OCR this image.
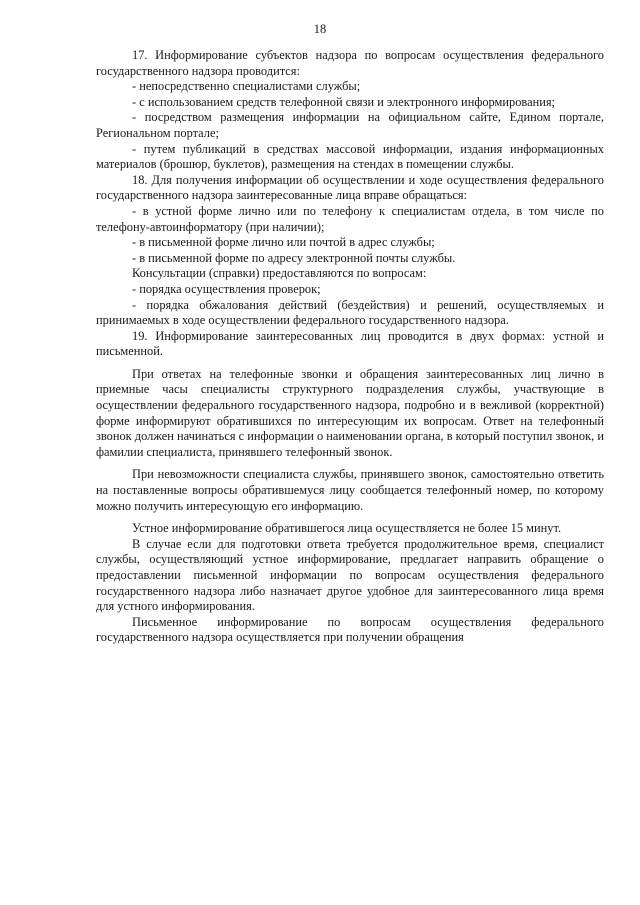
18

17. Информирование субъектов надзора по вопросам осуществления федерального государственного надзора проводится:

- непосредственно специалистами службы;

- с использованием средств телефонной связи и электронного информирования;

- посредством размещения информации на официальном сайте, Едином портале, Региональном портале;

- путем публикаций в средствах массовой информации, издания информационных материалов (брошюр, буклетов), размещения на стендах в помещении службы.

18. Для получения информации об осуществлении и ходе осуществления федерального государственного надзора заинтересованные лица вправе обращаться:

- в устной форме лично или по телефону к специалистам отдела, в том числе по телефону-автоинформатору (при наличии);

- в письменной форме лично или почтой в адрес службы;

- в письменной форме по адресу электронной почты службы.

Консультации (справки) предоставляются по вопросам:

- порядка осуществления проверок;

- порядка обжалования действий (бездействия) и решений, осуществляемых и принимаемых в ходе осуществлении федерального государственного надзора.

19. Информирование заинтересованных лиц проводится в двух формах: устной и письменной.

При ответах на телефонные звонки и обращения заинтересованных лиц лично в приемные часы специалисты структурного подразделения службы, участвующие в осуществлении федерального государственного надзора, подробно и в вежливой (корректной) форме информируют обратившихся по интересующим их вопросам. Ответ на телефонный звонок должен начинаться с информации о наименовании органа, в который поступил звонок, и фамилии специалиста, принявшего телефонный звонок.

При невозможности специалиста службы, принявшего звонок, самостоятельно ответить на поставленные вопросы обратившемуся лицу сообщается телефонный номер, по которому можно получить интересующую его информацию.

Устное информирование обратившегося лица осуществляется не более 15 минут.

В случае если для подготовки ответа требуется продолжительное время, специалист службы, осуществляющий устное информирование, предлагает направить обращение о предоставлении письменной информации по вопросам осуществления федерального государственного надзора либо назначает другое удобное для заинтересованного лица время для устного информирования.

Письменное информирование по вопросам осуществления федерального государственного надзора осуществляется при получении обращения
